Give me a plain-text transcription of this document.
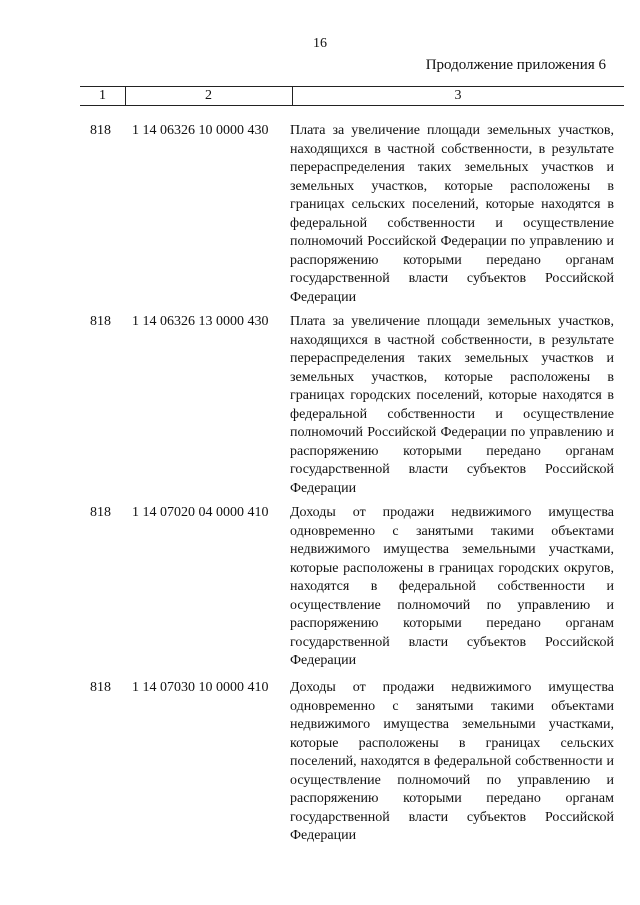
16
Продолжение приложения 6
1	2	3
818 1 14 06326 10 0000 430 Плата за увеличение площади земельных участков, находящихся в частной собственности, в результате перераспределения таких земельных участков и земельных участков, которые расположены в границах сельских поселений, которые находятся в федеральной собственности и осуществление полномочий Российской Федерации по управлению и распоряжению которыми передано органам государственной власти субъектов Российской Федерации
818 1 14 06326 13 0000 430 Плата за увеличение площади земельных участков, находящихся в частной собственности, в результате перераспределения таких земельных участков и земельных участков, которые расположены в границах городских поселений, которые находятся в федеральной собственности и осуществление полномочий Российской Федерации по управлению и распоряжению которыми передано органам государственной власти субъектов Российской Федерации
818 1 14 07020 04 0000 410 Доходы от продажи недвижимого имущества одновременно с занятыми такими объектами недвижимого имущества земельными участками, которые расположены в границах городских округов, находятся в федеральной собственности и осуществление полномочий по управлению и распоряжению которыми передано органам государственной власти субъектов Российской Федерации
818 1 14 07030 10 0000 410 Доходы от продажи недвижимого имущества одновременно с занятыми такими объектами недвижимого имущества земельными участками, которые расположены в границах сельских поселений, находятся в федеральной собственности и осуществление полномочий по управлению и распоряжению которыми передано органам государственной власти субъектов Российской Федерации
